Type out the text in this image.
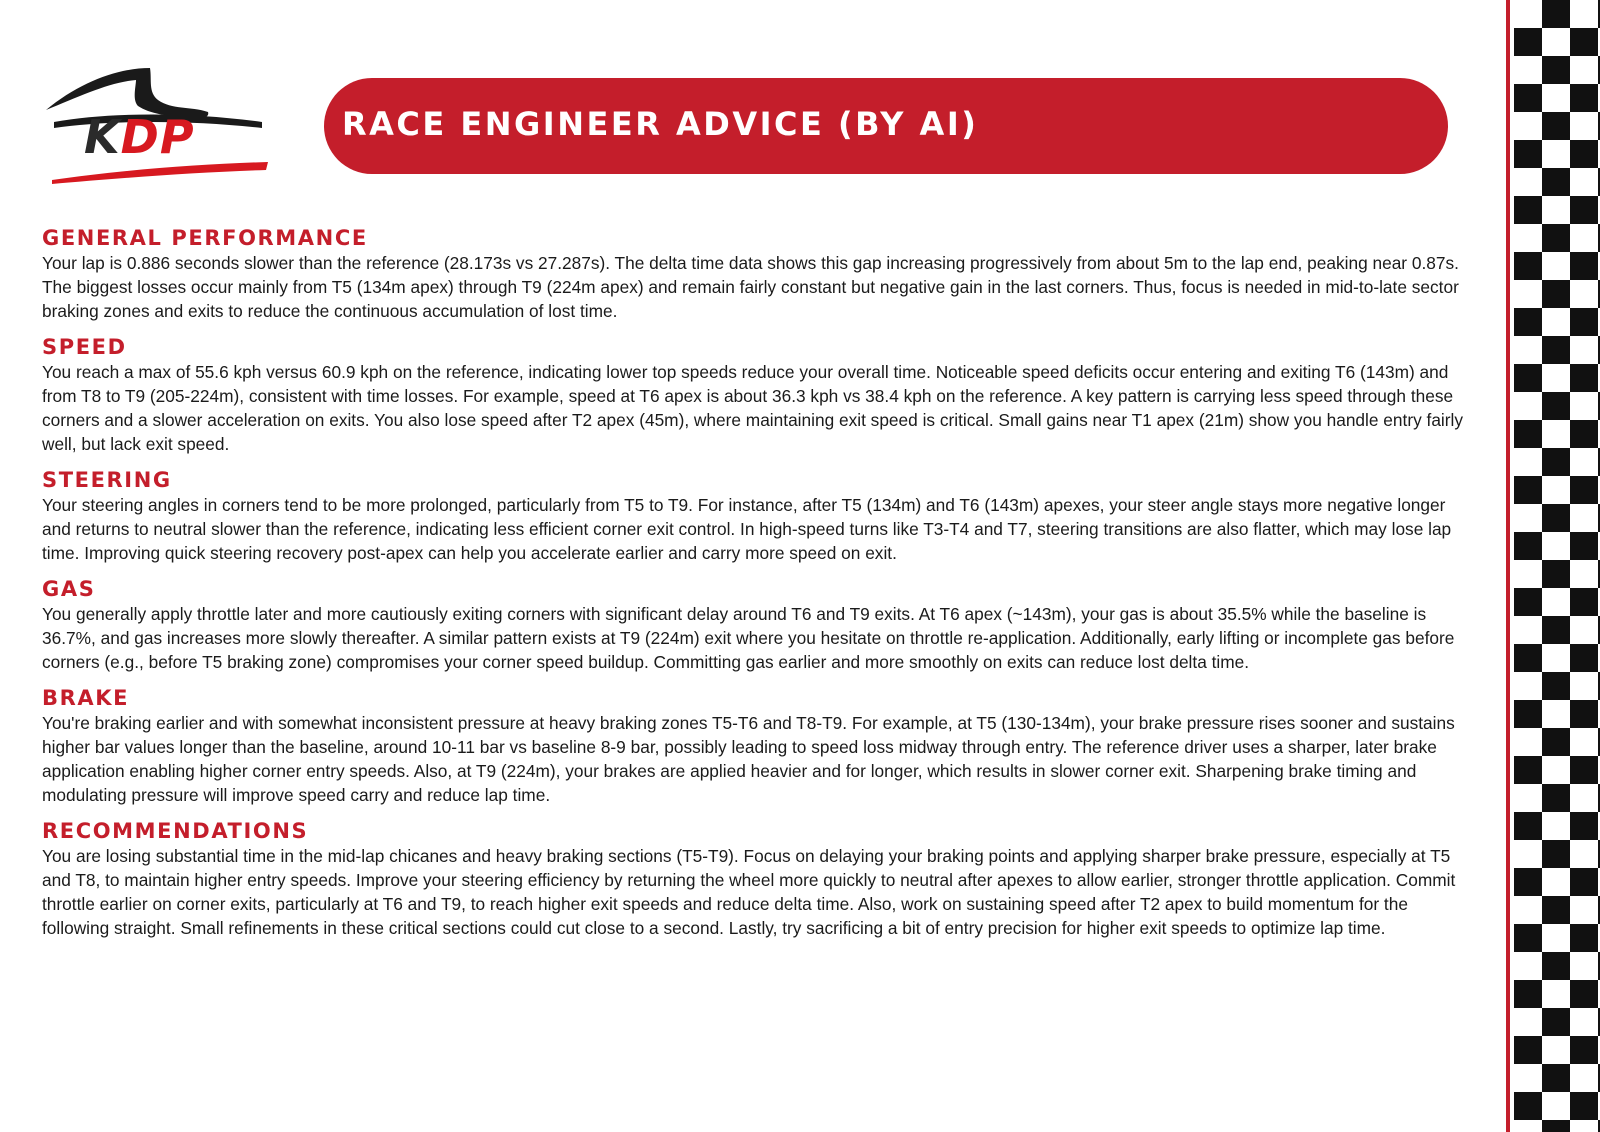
KDP	RACE ENGINEER ADVICE (BY AI)
GENERAL PERFORMANCE

Your lap is 0.886 seconds slower than the reference (28.173s vs 27.287s). The delta time data shows this gap increasing progressively from about 5m to the lap end, peaking near 0.87s. The biggest losses occur mainly from T5 (134m apex) through T9 (224m apex) and remain fairly constant but negative gain in the last corners. Thus, focus is needed in mid-to-late sector braking zones and exits to reduce the continuous accumulation of lost time.

SPEED

You reach a max of 55.6 kph versus 60.9 kph on the reference, indicating lower top speeds reduce your overall time. Noticeable speed deficits occur entering and exiting T6 (143m) and from T8 to T9 (205-224m), consistent with time losses. For example, speed at T6 apex is about 36.3 kph vs 38.4 kph on the reference. A key pattern is carrying less speed through these corners and a slower acceleration on exits. You also lose speed after T2 apex (45m), where maintaining exit speed is critical. Small gains near T1 apex (21m) show you handle entry fairly well, but lack exit speed.

STEERING

Your steering angles in corners tend to be more prolonged, particularly from T5 to T9. For instance, after T5 (134m) and T6 (143m) apexes, your steer angle stays more negative longer and returns to neutral slower than the reference, indicating less efficient corner exit control. In high-speed turns like T3-T4 and T7, steering transitions are also flatter, which may lose lap time. Improving quick steering recovery post-apex can help you accelerate earlier and carry more speed on exit.

GAS

You generally apply throttle later and more cautiously exiting corners with significant delay around T6 and T9 exits. At T6 apex (~143m), your gas is about 35.5% while the baseline is 36.7%, and gas increases more slowly thereafter. A similar pattern exists at T9 (224m) exit where you hesitate on throttle re-application. Additionally, early lifting or incomplete gas before corners (e.g., before T5 braking zone) compromises your corner speed buildup. Committing gas earlier and more smoothly on exits can reduce lost delta time.

BRAKE

You're braking earlier and with somewhat inconsistent pressure at heavy braking zones T5-T6 and T8-T9. For example, at T5 (130-134m), your brake pressure rises sooner and sustains higher bar values longer than the baseline, around 10-11 bar vs baseline 8-9 bar, possibly leading to speed loss midway through entry. The reference driver uses a sharper, later brake application enabling higher corner entry speeds. Also, at T9 (224m), your brakes are applied heavier and for longer, which results in slower corner exit. Sharpening brake timing and modulating pressure will improve speed carry and reduce lap time.

RECOMMENDATIONS

You are losing substantial time in the mid-lap chicanes and heavy braking sections (T5-T9). Focus on delaying your braking points and applying sharper brake pressure, especially at T5 and T8, to maintain higher entry speeds. Improve your steering efficiency by returning the wheel more quickly to neutral after apexes to allow earlier, stronger throttle application. Commit throttle earlier on corner exits, particularly at T6 and T9, to reach higher exit speeds and reduce delta time. Also, work on sustaining speed after T2 apex to build momentum for the following straight. Small refinements in these critical sections could cut close to a second. Lastly, try sacrificing a bit of entry precision for higher exit speeds to optimize lap time.
